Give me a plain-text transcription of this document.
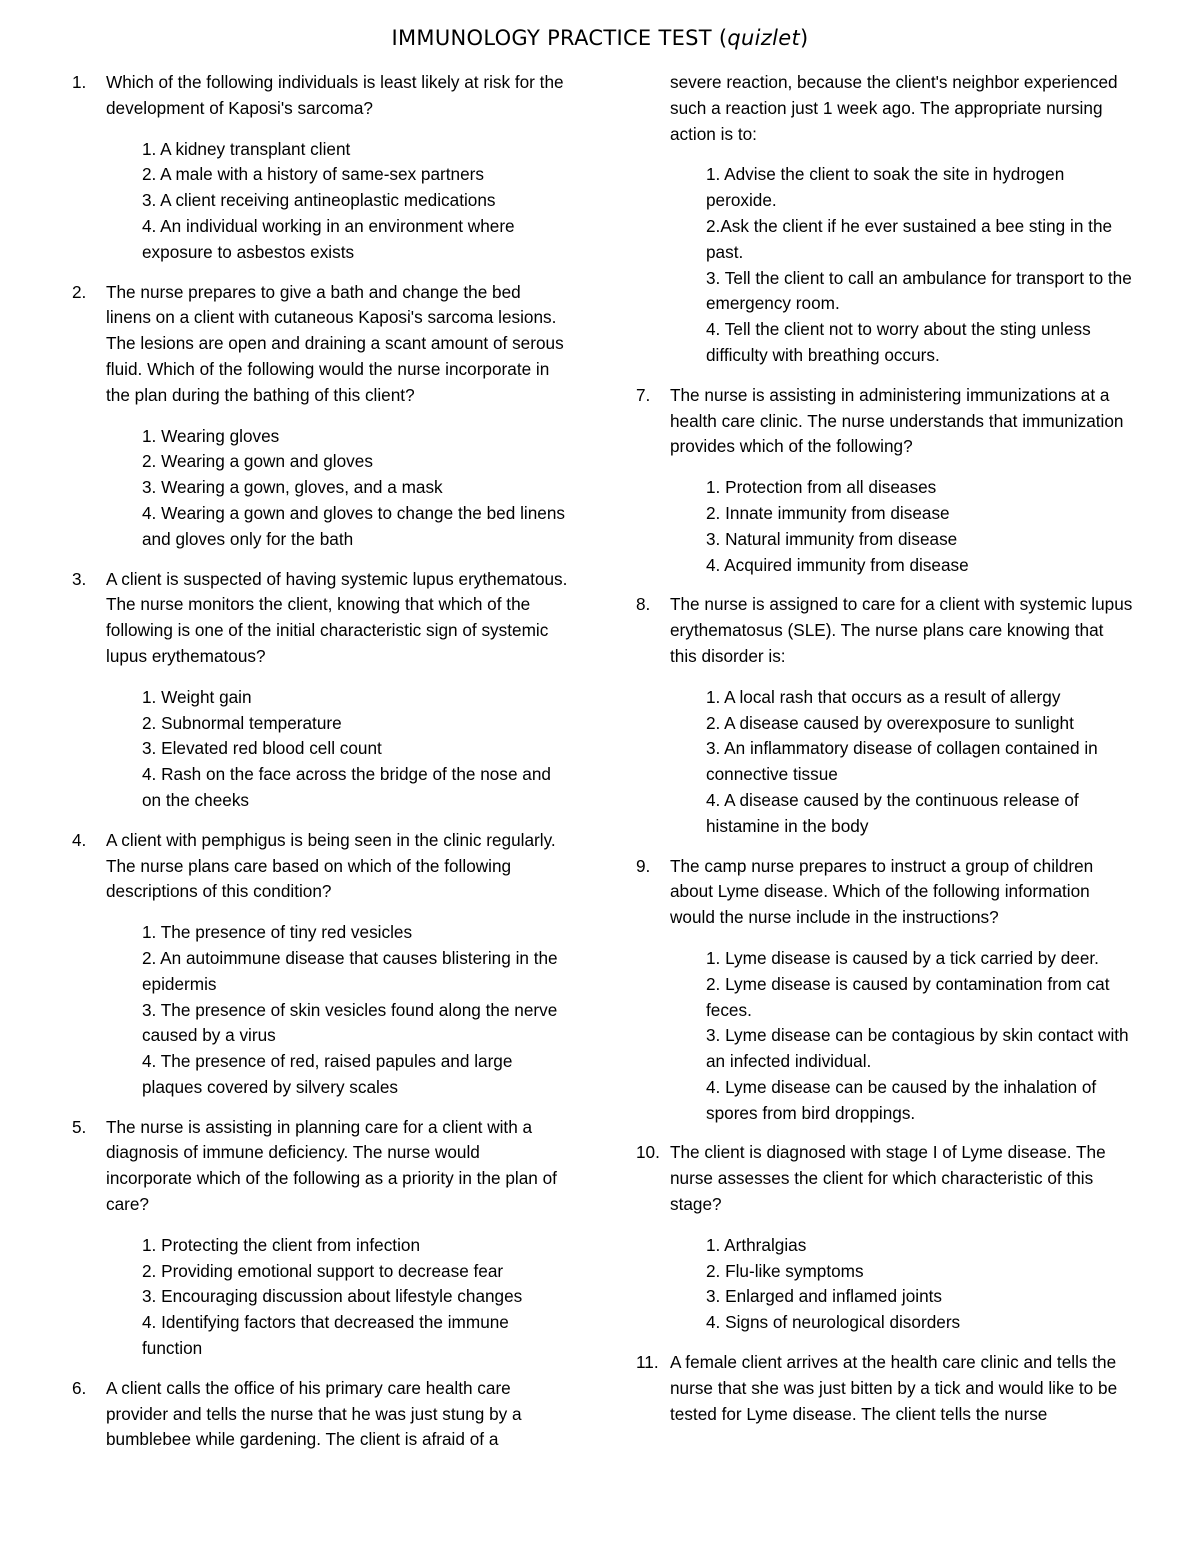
IMMUNOLOGY PRACTICE TEST (quizlet)
1. Which of the following individuals is least likely at risk for the development of Kaposi's sarcoma?
1. A kidney transplant client
2. A male with a history of same-sex partners
3. A client receiving antineoplastic medications
4. An individual working in an environment where exposure to asbestos exists
2. The nurse prepares to give a bath and change the bed linens on a client with cutaneous Kaposi's sarcoma lesions. The lesions are open and draining a scant amount of serous fluid. Which of the following would the nurse incorporate in the plan during the bathing of this client?
1. Wearing gloves
2. Wearing a gown and gloves
3. Wearing a gown, gloves, and a mask
4. Wearing a gown and gloves to change the bed linens and gloves only for the bath
3. A client is suspected of having systemic lupus erythematous. The nurse monitors the client, knowing that which of the following is one of the initial characteristic sign of systemic lupus erythematous?
1. Weight gain
2. Subnormal temperature
3. Elevated red blood cell count
4. Rash on the face across the bridge of the nose and on the cheeks
4. A client with pemphigus is being seen in the clinic regularly. The nurse plans care based on which of the following descriptions of this condition?
1. The presence of tiny red vesicles
2. An autoimmune disease that causes blistering in the epidermis
3. The presence of skin vesicles found along the nerve caused by a virus
4. The presence of red, raised papules and large plaques covered by silvery scales
5. The nurse is assisting in planning care for a client with a diagnosis of immune deficiency. The nurse would incorporate which of the following as a priority in the plan of care?
1. Protecting the client from infection
2. Providing emotional support to decrease fear
3. Encouraging discussion about lifestyle changes
4. Identifying factors that decreased the immune function
6. A client calls the office of his primary care health care provider and tells the nurse that he was just stung by a bumblebee while gardening. The client is afraid of a
severe reaction, because the client's neighbor experienced such a reaction just 1 week ago. The appropriate nursing action is to:
1. Advise the client to soak the site in hydrogen peroxide.
2.Ask the client if he ever sustained a bee sting in the past.
3. Tell the client to call an ambulance for transport to the emergency room.
4. Tell the client not to worry about the sting unless difficulty with breathing occurs.
7. The nurse is assisting in administering immunizations at a health care clinic. The nurse understands that immunization provides which of the following?
1. Protection from all diseases
2. Innate immunity from disease
3. Natural immunity from disease
4. Acquired immunity from disease
8. The nurse is assigned to care for a client with systemic lupus erythematosus (SLE). The nurse plans care knowing that this disorder is:
1. A local rash that occurs as a result of allergy
2. A disease caused by overexposure to sunlight
3. An inflammatory disease of collagen contained in connective tissue
4. A disease caused by the continuous release of histamine in the body
9. The camp nurse prepares to instruct a group of children about Lyme disease. Which of the following information would the nurse include in the instructions?
1. Lyme disease is caused by a tick carried by deer.
2. Lyme disease is caused by contamination from cat feces.
3. Lyme disease can be contagious by skin contact with an infected individual.
4. Lyme disease can be caused by the inhalation of spores from bird droppings.
10. The client is diagnosed with stage I of Lyme disease. The nurse assesses the client for which characteristic of this stage?
1. Arthralgias
2. Flu-like symptoms
3. Enlarged and inflamed joints
4. Signs of neurological disorders
11. A female client arrives at the health care clinic and tells the nurse that she was just bitten by a tick and would like to be tested for Lyme disease. The client tells the nurse
